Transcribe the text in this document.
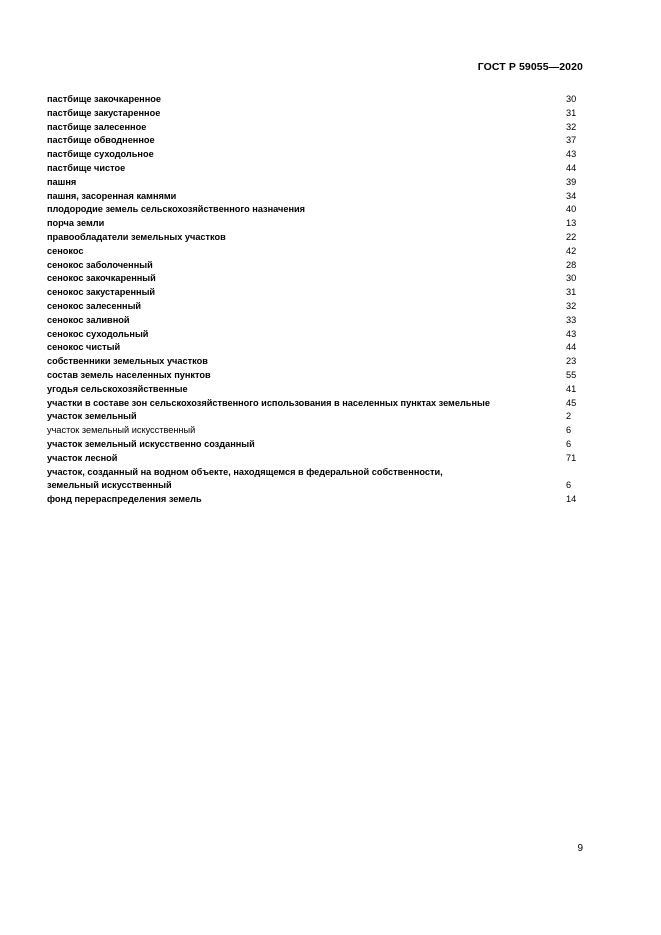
ГОСТ Р 59055—2020
пастбище закочкаренное	30
пастбище закустаренное	31
пастбище залесенное	32
пастбище обводненное	37
пастбище суходольное	43
пастбище чистое	44
пашня	39
пашня, засоренная камнями	34
плодородие земель сельскохозяйственного назначения	40
порча земли	13
правообладатели земельных участков	22
сенокос	42
сенокос заболоченный	28
сенокос закочкаренный	30
сенокос закустаренный	31
сенокос залесенный	32
сенокос заливной	33
сенокос суходольный	43
сенокос чистый	44
собственники земельных участков	23
состав земель населенных пунктов	55
угодья сельскохозяйственные	41
участки в составе зон сельскохозяйственного использования в населенных пунктах земельные	45
участок земельный	2
участок земельный искусственный	6
участок земельный искусственно созданный	6
участок лесной	71
участок, созданный на водном объекте, находящемся в федеральной собственности,
земельный искусственный	6
фонд перераспределения земель	14
9
